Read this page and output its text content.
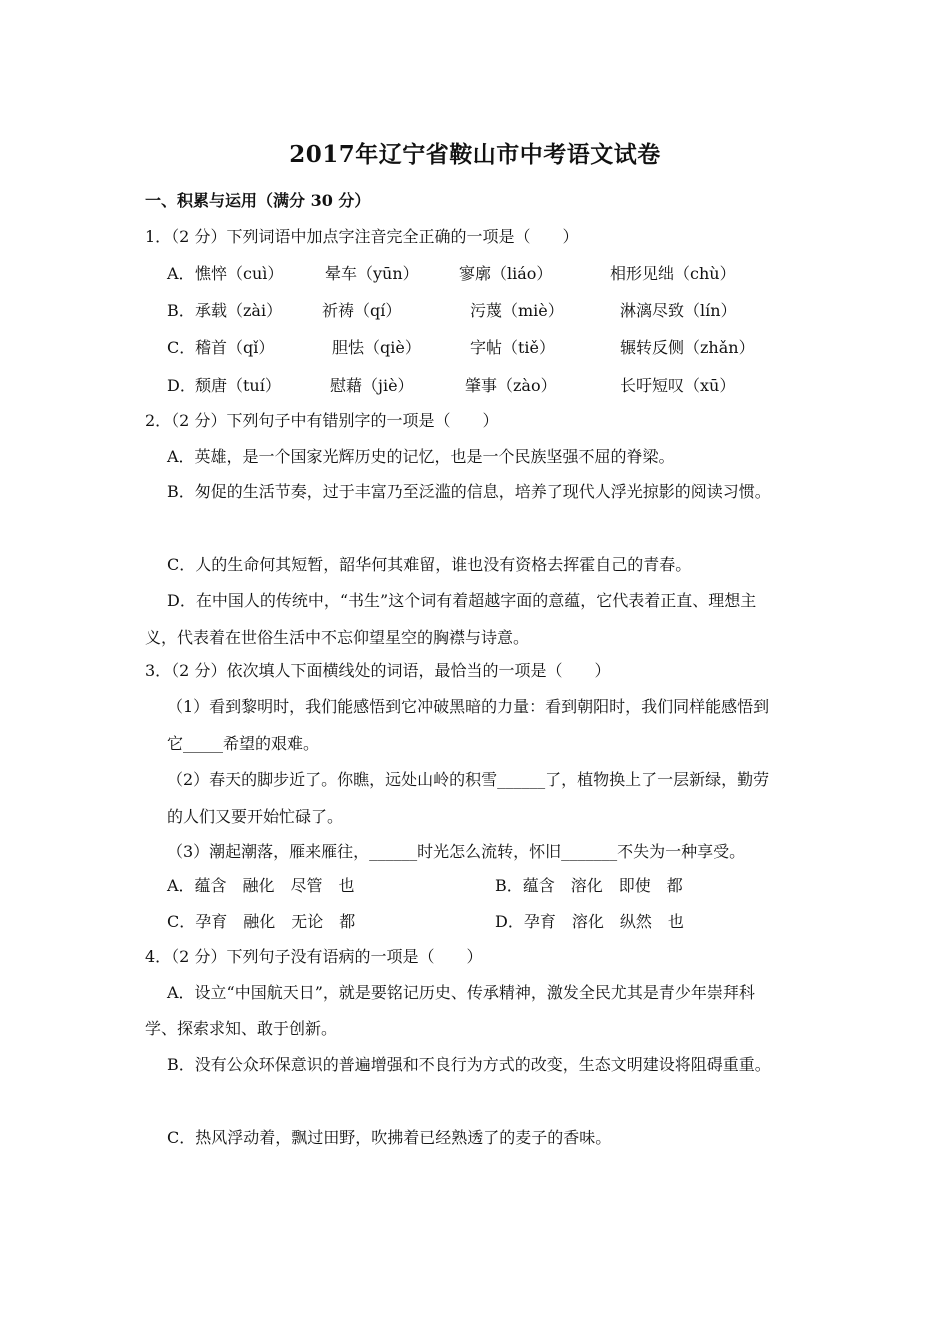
2017年辽宁省鞍山市中考语文试卷
一、积累与运用（满分 30 分）
1．（2 分）下列词语中加点字注音完全正确的一项是（　　）
A． 憔悴（cuì）	晕车（yūn）	寥廓（liáo）	相形见绌（chù）
B． 承载（zài） 祈祷（qí）	污蔑（miè）	淋漓尽致（lín）
C． 稽首（qǐ）	胆怯（qiè）	字帖（tiě）	辗转反侧（zhǎn）
D． 颓唐（tuí）	慰藉（jiè）	肇事（zào）	长吁短叹（xū）
2．（2 分）下列句子中有错别字的一项是（　　）
A．英雄，是一个国家光辉历史的记忆，也是一个民族坚强不屈的脊梁。
B．匆促的生活节奏，过于丰富乃至泛滥的信息，培养了现代人浮光掠影的阅读习惯。
C．人的生命何其短暂，韶华何其难留，谁也没有资格去挥霍自己的青春。
D．在中国人的传统中，“书生”这个词有着超越字面的意蕴，它代表着正直、理想主
义，代表着在世俗生活中不忘仰望星空的胸襟与诗意。
3．（2 分）依次填人下面横线处的词语，最恰当的一项是（　　）
（1）看到黎明时，我们能感悟到它冲破黑暗的力量：看到朝阳时，我们同样能感悟到
它_____希望的艰难。
（2）春天的脚步近了。你瞧，远处山岭的积雪______了，植物换上了一层新绿，勤劳
的人们又要开始忙碌了。
（3）潮起潮落，雁来雁往，______时光怎么流转，怀旧_______不失为一种享受。
A．蕴含　融化　尽管　也	B．蕴含　溶化　即使　都
C．孕育　融化　无论　都	D．孕育　溶化　纵然　也
4．（2 分）下列句子没有语病的一项是（　　）
A．设立“中国航天日”，就是要铭记历史、传承精神，激发全民尤其是青少年崇拜科
学、探索求知、敢于创新。
B．没有公众环保意识的普遍增强和不良行为方式的改变，生态文明建设将阻碍重重。
C．热风浮动着，飘过田野，吹拂着已经熟透了的麦子的香味。
